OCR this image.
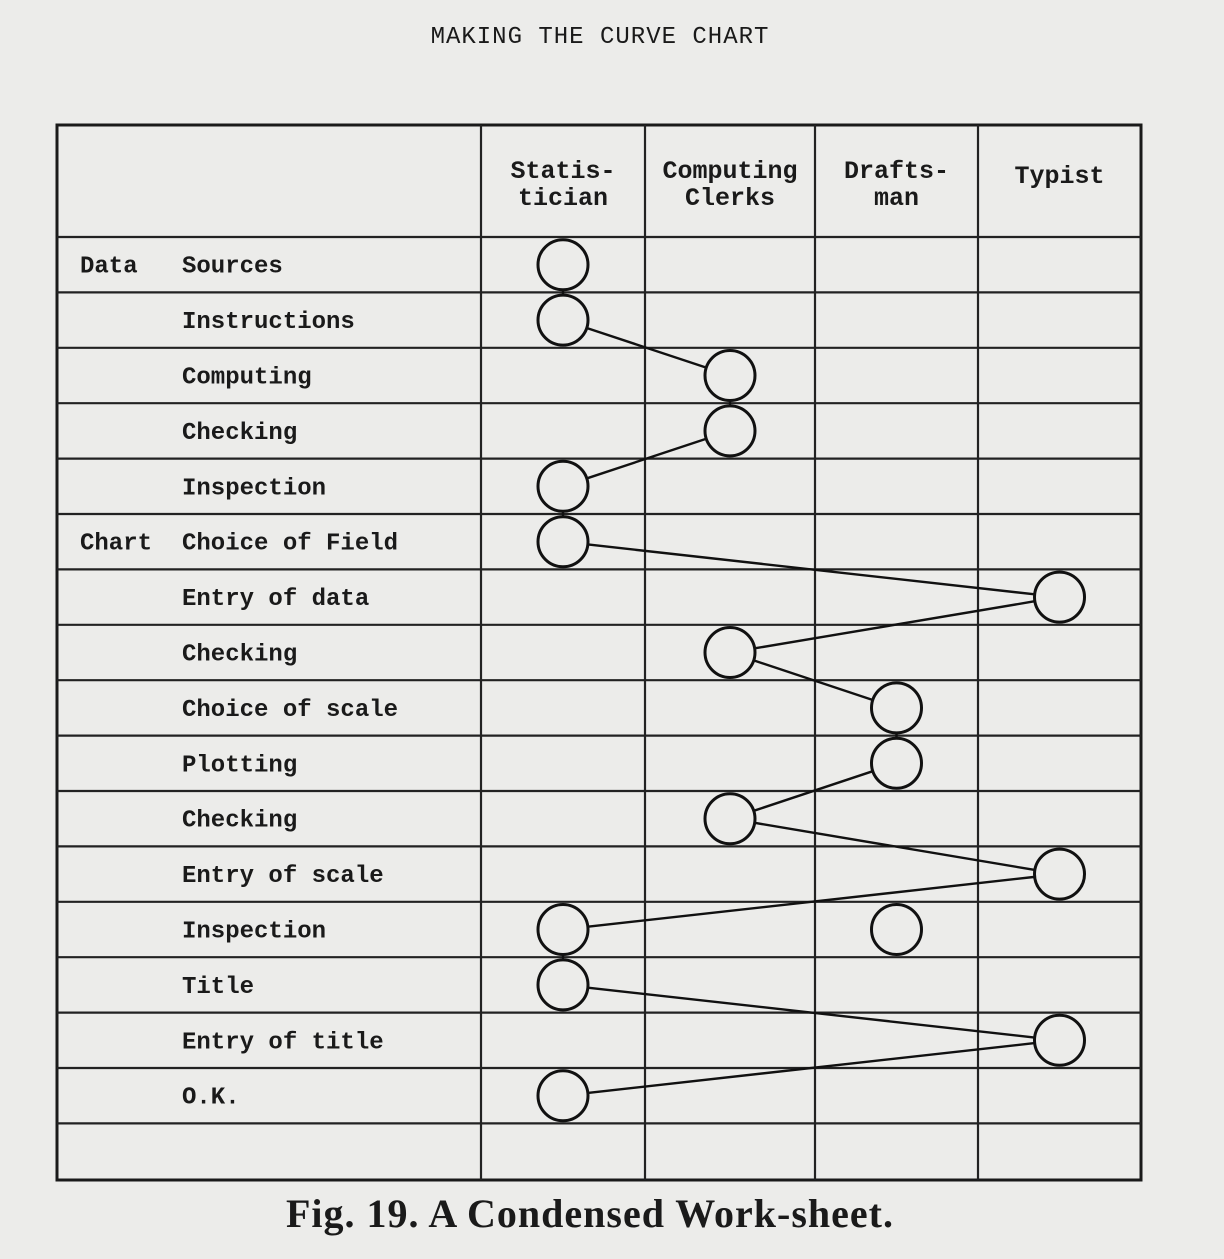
MAKING THE CURVE CHART
Statis-
tician
Computing
Clerks
Drafts-
man
Typist
Data Sources
Instructions
Computing
Checking
Inspection
Chart Choice of Field
Entry of data
Checking
Choice of scale
Plotting
Checking
Entry of scale
Inspection
Title
Entry of title
O.K.
Fig. 19. A Condensed Work-sheet.
